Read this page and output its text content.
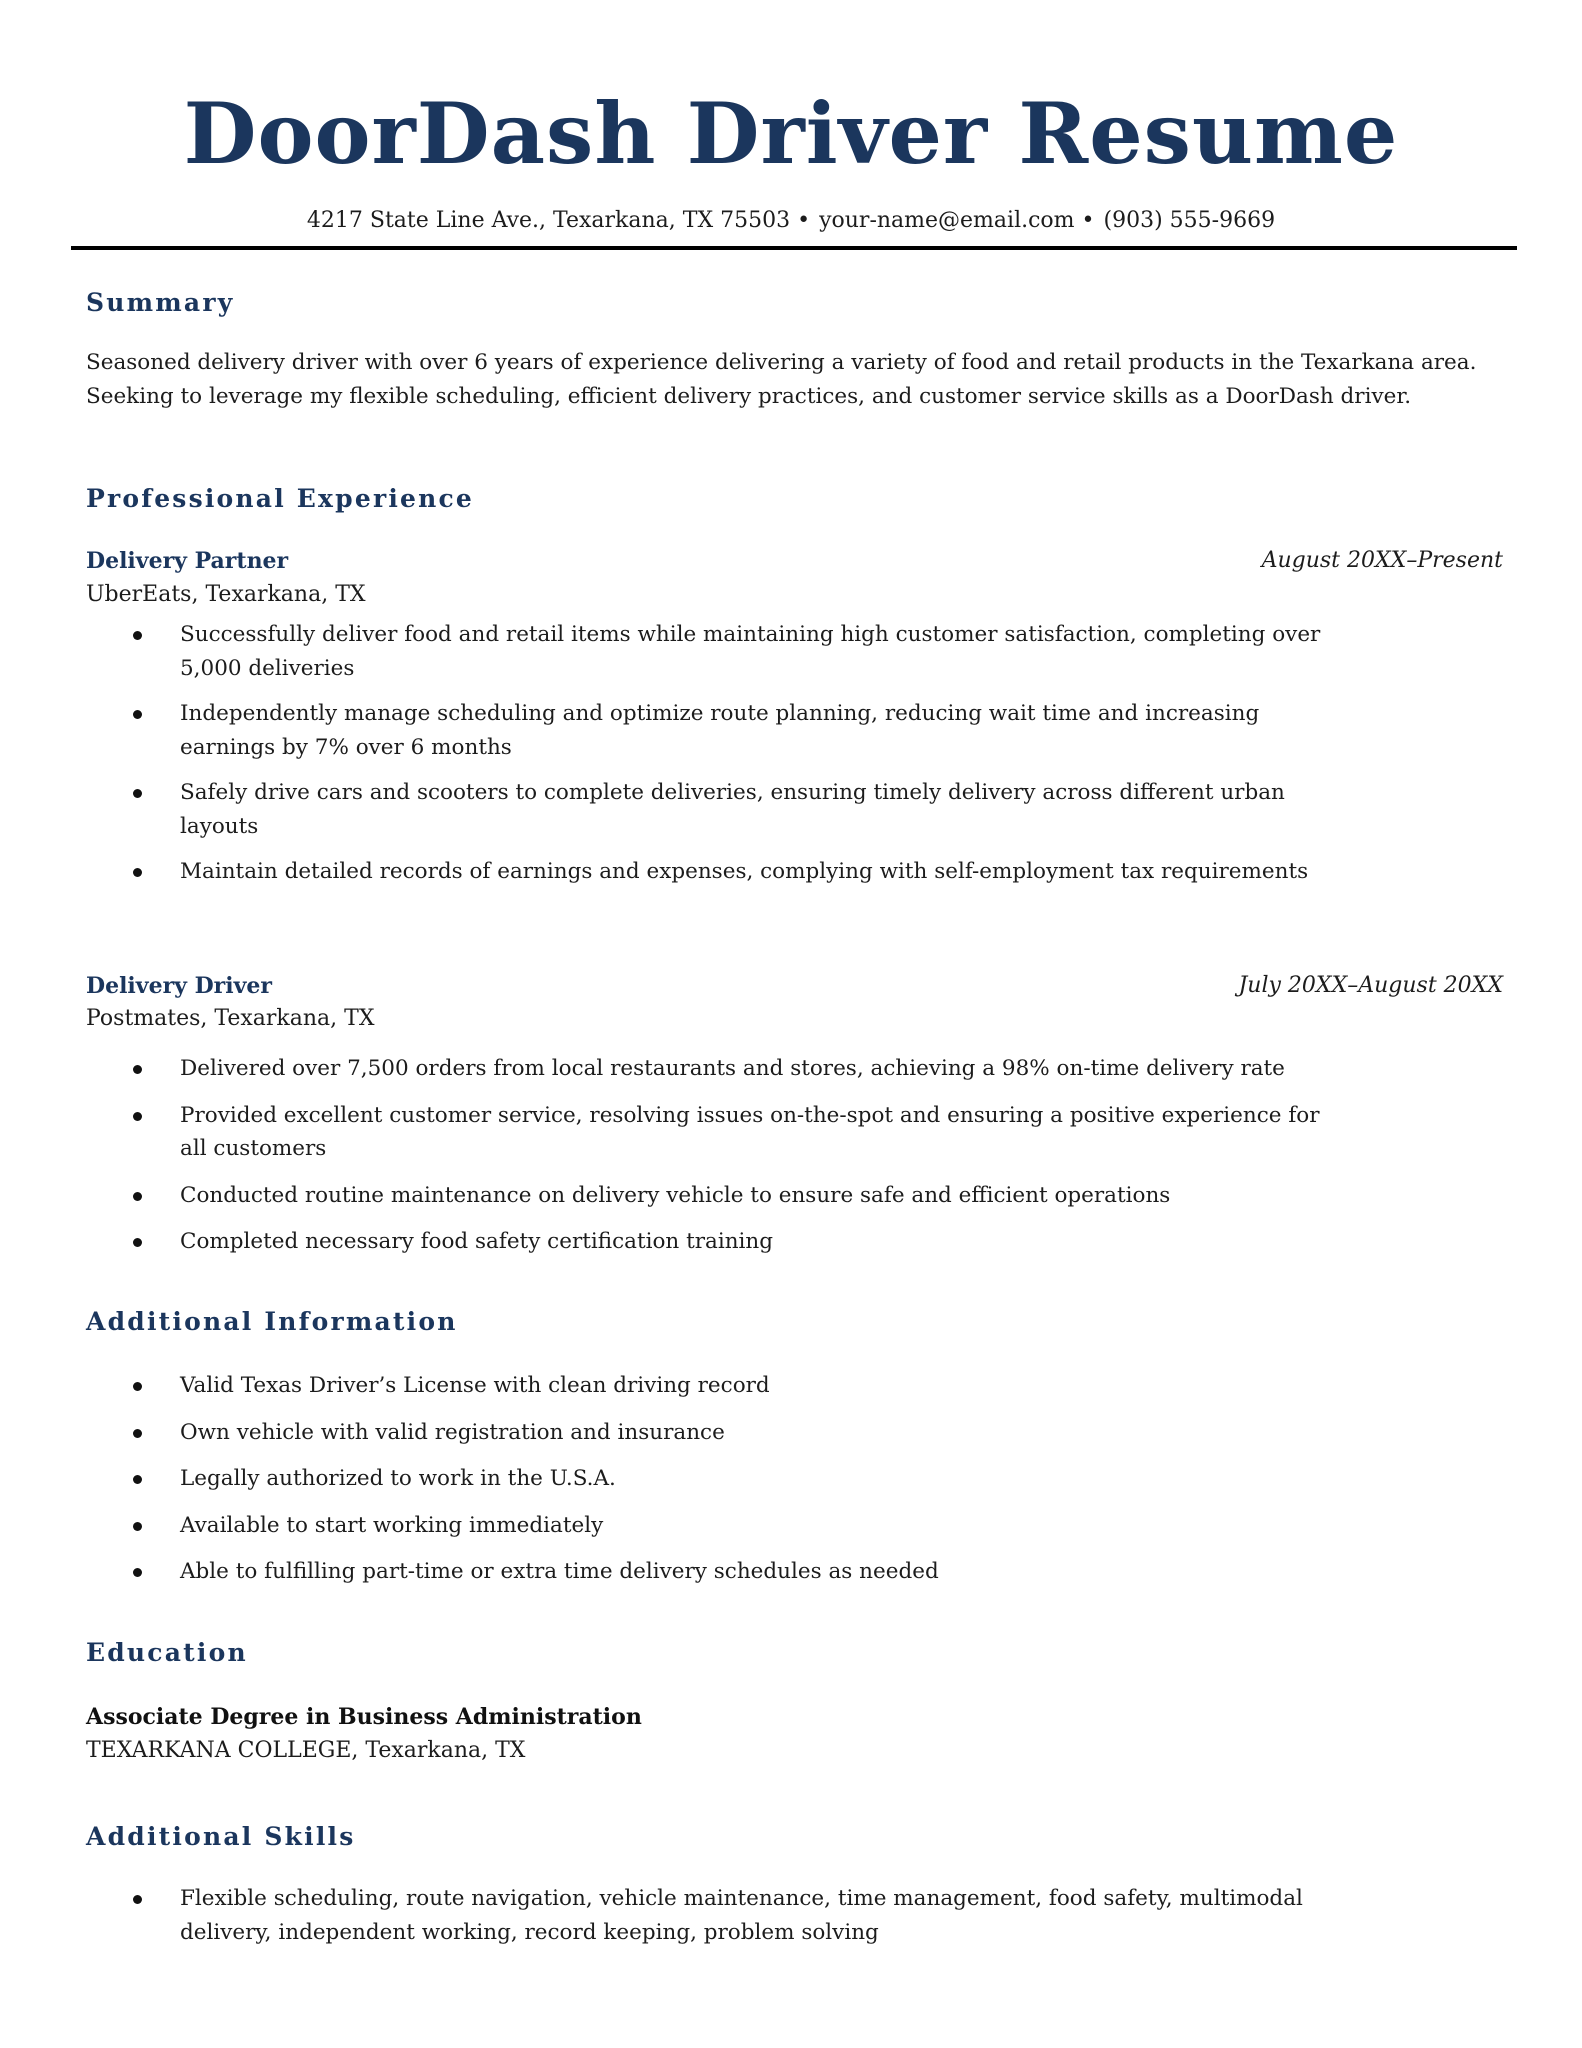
DoorDash Driver Resume
4217 State Line Ave., Texarkana, TX 75503 • your-name@email.com • (903) 555-9669
Summary
Seasoned delivery driver with over 6 years of experience delivering a variety of food and retail products in the Texarkana area. Seeking to leverage my flexible scheduling, efficient delivery practices, and customer service skills as a DoorDash driver.
Professional Experience
Delivery Partner	August 20XX–Present
UberEats, Texarkana, TX
Successfully deliver food and retail items while maintaining high customer satisfaction, completing over 5,000 deliveries
Independently manage scheduling and optimize route planning, reducing wait time and increasing earnings by 7% over 6 months
Safely drive cars and scooters to complete deliveries, ensuring timely delivery across different urban layouts
Maintain detailed records of earnings and expenses, complying with self-employment tax requirements
Delivery Driver	July 20XX–August 20XX
Postmates, Texarkana, TX
Delivered over 7,500 orders from local restaurants and stores, achieving a 98% on-time delivery rate
Provided excellent customer service, resolving issues on-the-spot and ensuring a positive experience for all customers
Conducted routine maintenance on delivery vehicle to ensure safe and efficient operations
Completed necessary food safety certification training
Additional Information
Valid Texas Driver’s License with clean driving record
Own vehicle with valid registration and insurance
Legally authorized to work in the U.S.A.
Available to start working immediately
Able to fulfilling part-time or extra time delivery schedules as needed
Education
Associate Degree in Business Administration
TEXARKANA COLLEGE, Texarkana, TX
Additional Skills
Flexible scheduling, route navigation, vehicle maintenance, time management, food safety, multimodal delivery, independent working, record keeping, problem solving
